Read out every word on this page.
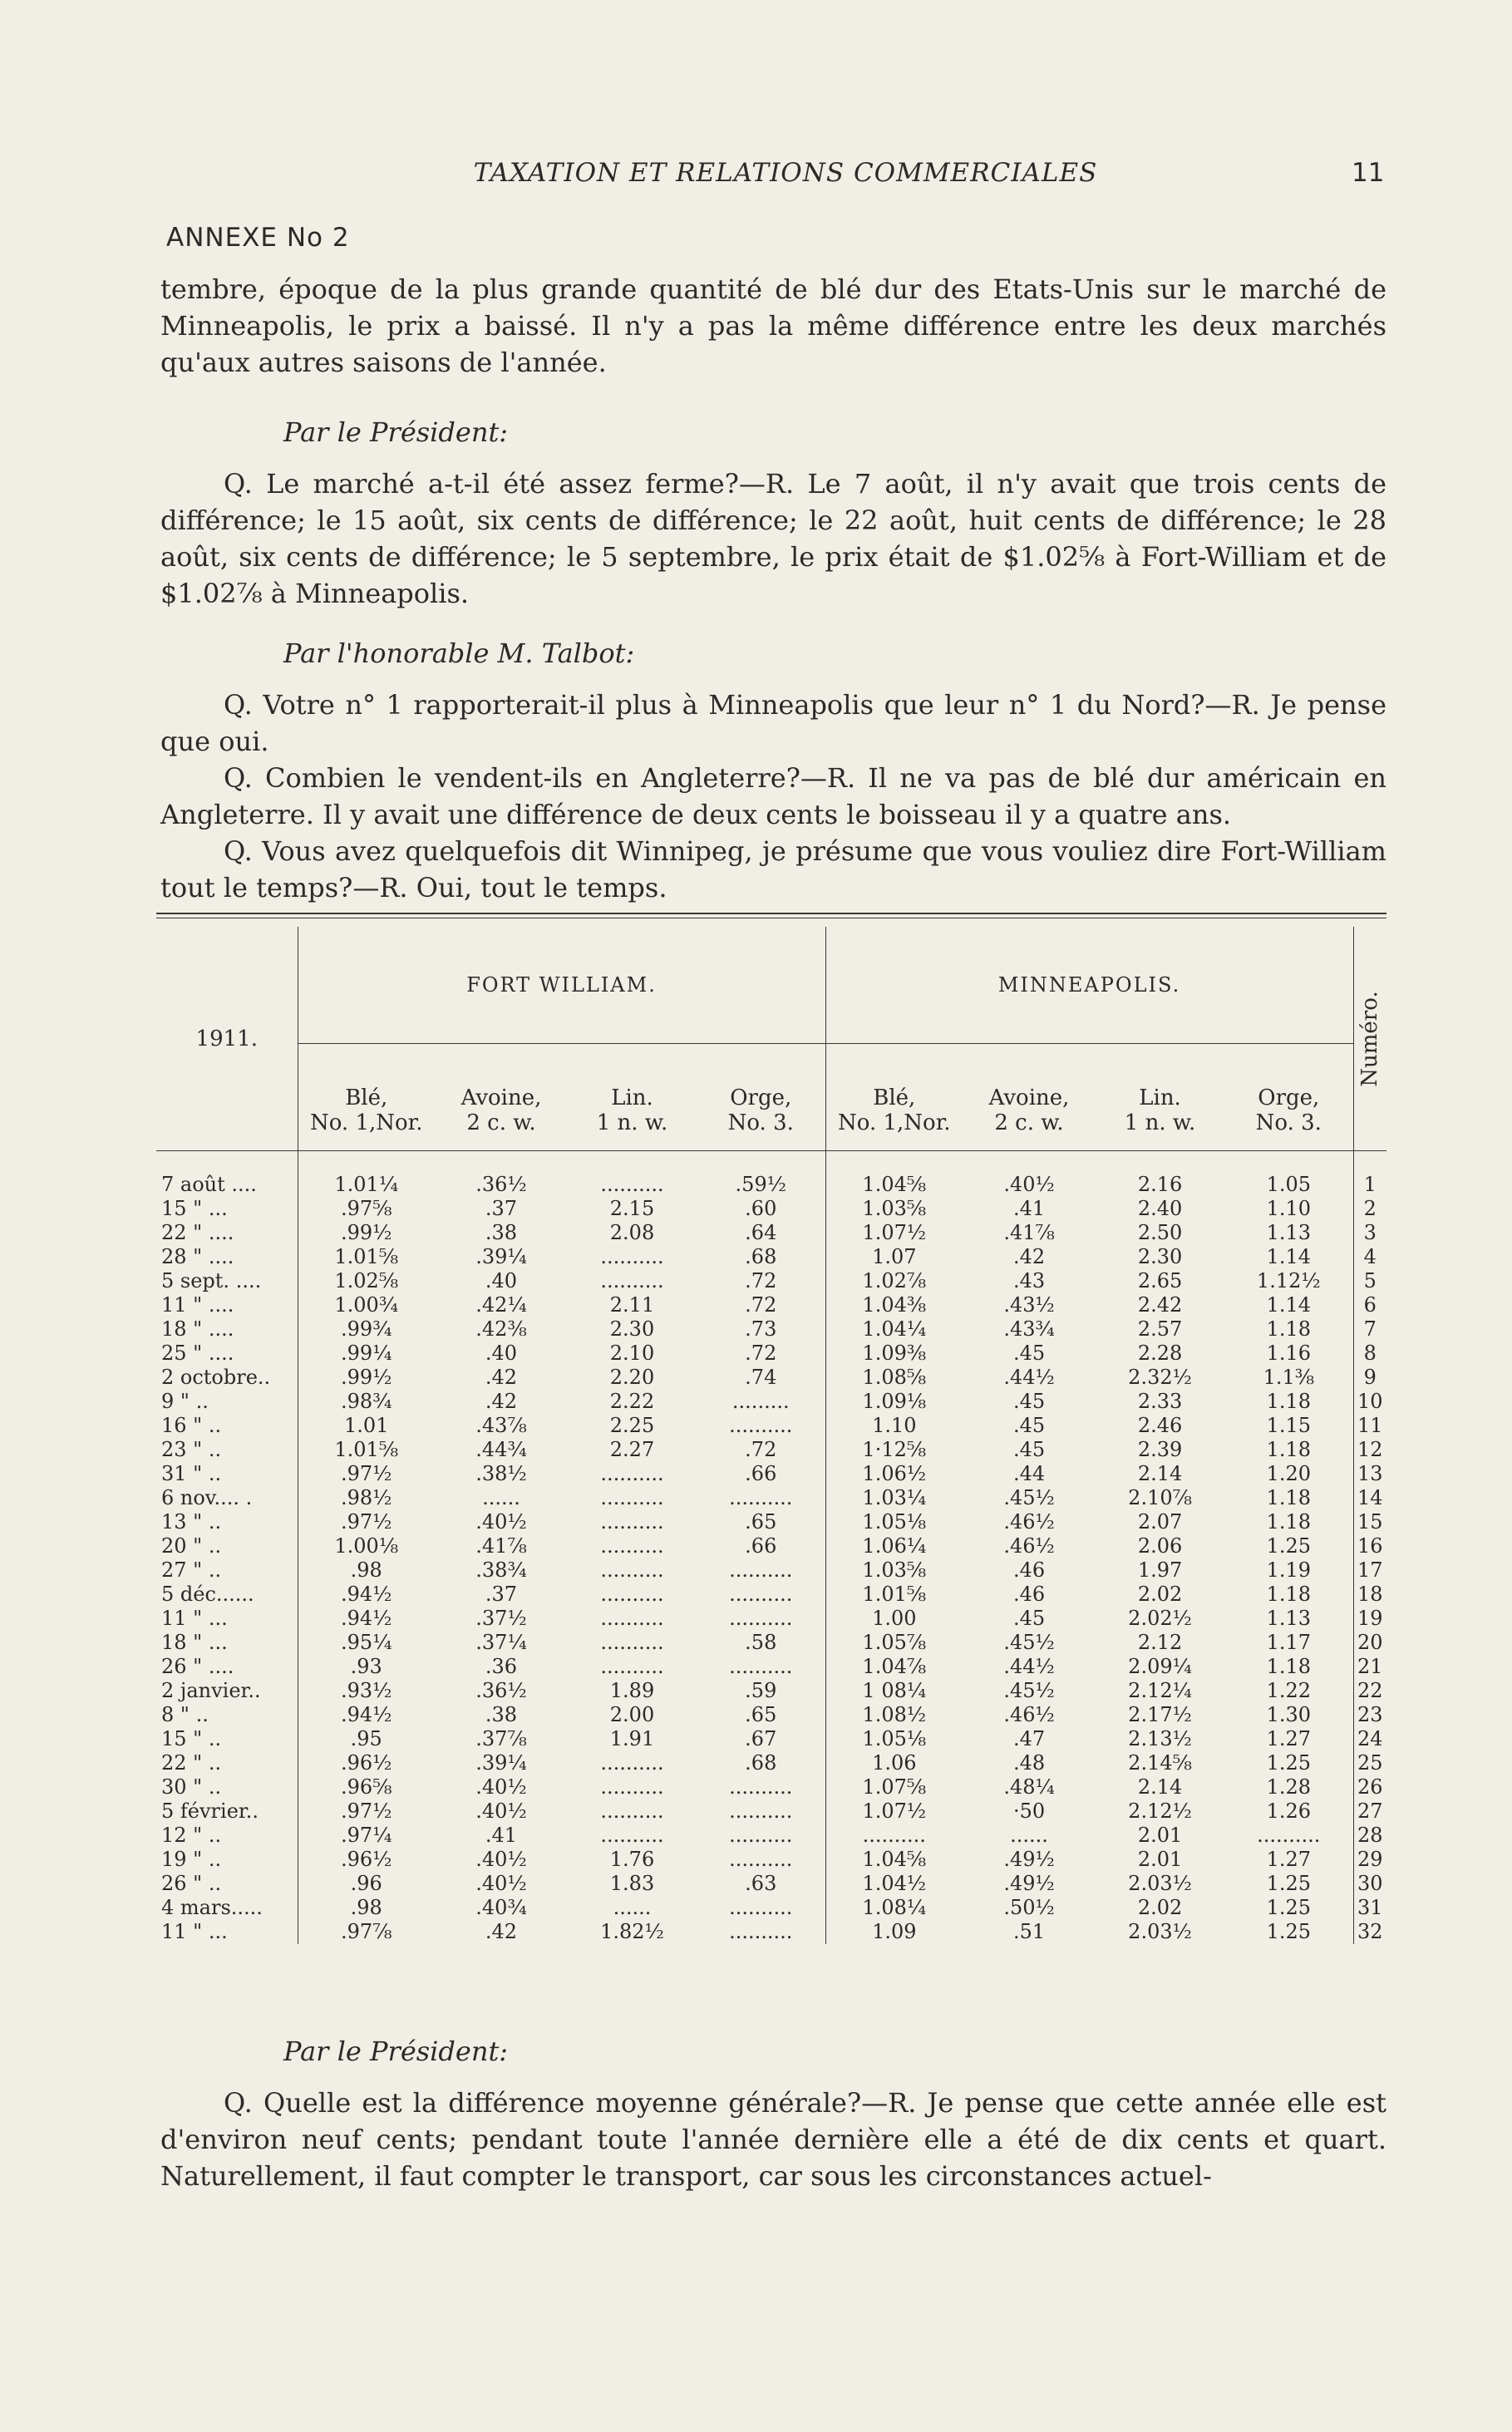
TAXATION ET RELATIONS COMMERCIALES	11
ANNEXE No 2

tembre, époque de la plus grande quantité de blé dur des Etats-Unis sur le marché de Minneapolis, le prix a baissé. Il n'y a pas la même différence entre les deux marchés qu'aux autres saisons de l'année.

Par le Président:

Q. Le marché a-t-il été assez ferme?—R. Le 7 août, il n'y avait que trois cents de différence; le 15 août, six cents de différence; le 22 août, huit cents de différence; le 28 août, six cents de différence; le 5 septembre, le prix était de $1.02⅝ à Fort-William et de $1.02⅞ à Minneapolis.

Par l'honorable M. Talbot:

Q. Votre n° 1 rapporterait-il plus à Minneapolis que leur n° 1 du Nord?—R. Je pense que oui.

Q. Combien le vendent-ils en Angleterre?—R. Il ne va pas de blé dur américain en Angleterre. Il y avait une différence de deux cents le boisseau il y a quatre ans.

Q. Vous avez quelquefois dit Winnipeg, je présume que vous vouliez dire Fort-William tout le temps?—R. Oui, tout le temps.

1911.	FORT WILLIAM.				MINNEAPOLIS.				Numéro.

	Blé,
No. 1,Nor.	Avoine,
2 c. w.	Lin.
1 n. w.	Orge,
No. 3.	Blé,
No. 1,Nor.	Avoine,
2 c. w.	Lin.
1 n. w.	Orge,
No. 3.	

7 août ....	1.01¼	.36½	..........	.59½	1.04⅝	.40½	2.16	1.05	1
15 " ...	.97⅝	.37	2.15	.60	1.03⅝	.41	2.40	1.10	2
22 " ....	.99½	.38	2.08	.64	1.07½	.41⅞	2.50	1.13	3
28 " ....	1.01⅝	.39¼	..........	.68	1.07	.42	2.30	1.14	4
5 sept. ....	1.02⅝	.40	..........	.72	1.02⅞	.43	2.65	1.12½	5
11 " ....	1.00¾	.42¼	2.11	.72	1.04⅜	.43½	2.42	1.14	6
18 " ....	.99¾	.42⅜	2.30	.73	1.04¼	.43¾	2.57	1.18	7
25 " ....	.99¼	.40	2.10	.72	1.09⅜	.45	2.28	1.16	8
2 octobre..	.99½	.42	2.20	.74	1.08⅝	.44½	2.32½	1.1⅜	9
9 " ..	.98¾	.42	2.22	.........	1.09⅛	.45	2.33	1.18	10
16 " ..	1.01	.43⅞	2.25	..........	1.10	.45	2.46	1.15	11
23 " ..	1.01⅝	.44¾	2.27	.72	1·12⅝	.45	2.39	1.18	12
31 " ..	.97½	.38½	..........	.66	1.06½	.44	2.14	1.20	13
6 nov.... .	.98½	......	..........	..........	1.03¼	.45½	2.10⅞	1.18	14
13 " ..	.97½	.40½	..........	.65	1.05⅛	.46½	2.07	1.18	15
20 " ..	1.00⅛	.41⅞	..........	.66	1.06¼	.46½	2.06	1.25	16
27 " ..	.98	.38¾	..........	..........	1.03⅝	.46	1.97	1.19	17
5 déc......	.94½	.37	..........	..........	1.01⅝	.46	2.02	1.18	18
11 " ...	.94½	.37½	..........	..........	1.00	.45	2.02½	1.13	19
18 " ...	.95¼	.37¼	..........	.58	1.05⅞	.45½	2.12	1.17	20
26 " ....	.93	.36	..........	..........	1.04⅞	.44½	2.09¼	1.18	21
2 janvier..	.93½	.36½	1.89	.59	1 08¼	.45½	2.12¼	1.22	22
8 " ..	.94½	.38	2.00	.65	1.08½	.46½	2.17½	1.30	23
15 " ..	.95	.37⅞	1.91	.67	1.05⅛	.47	2.13½	1.27	24
22 " ..	.96½	.39¼	..........	.68	1.06	.48	2.14⅝	1.25	25
30 " ..	.96⅝	.40½	..........	..........	1.07⅝	.48¼	2.14	1.28	26
5 février..	.97½	.40½	..........	..........	1.07½	·50	2.12½	1.26	27
12 " ..	.97¼	.41	..........	..........	..........	......	2.01	..........	28
19 " ..	.96½	.40½	1.76	..........	1.04⅝	.49½	2.01	1.27	29
26 " ..	.96	.40½	1.83	.63	1.04½	.49½	2.03½	1.25	30
4 mars.....	.98	.40¾	......	..........	1.08¼	.50½	2.02	1.25	31
11 " ...	.97⅞	.42	1.82½	..........	1.09	.51	2.03½	1.25	32

Par le Président:

Q. Quelle est la différence moyenne générale?—R. Je pense que cette année elle est d'environ neuf cents; pendant toute l'année dernière elle a été de dix cents et quart. Naturellement, il faut compter le transport, car sous les circonstances actuel-
